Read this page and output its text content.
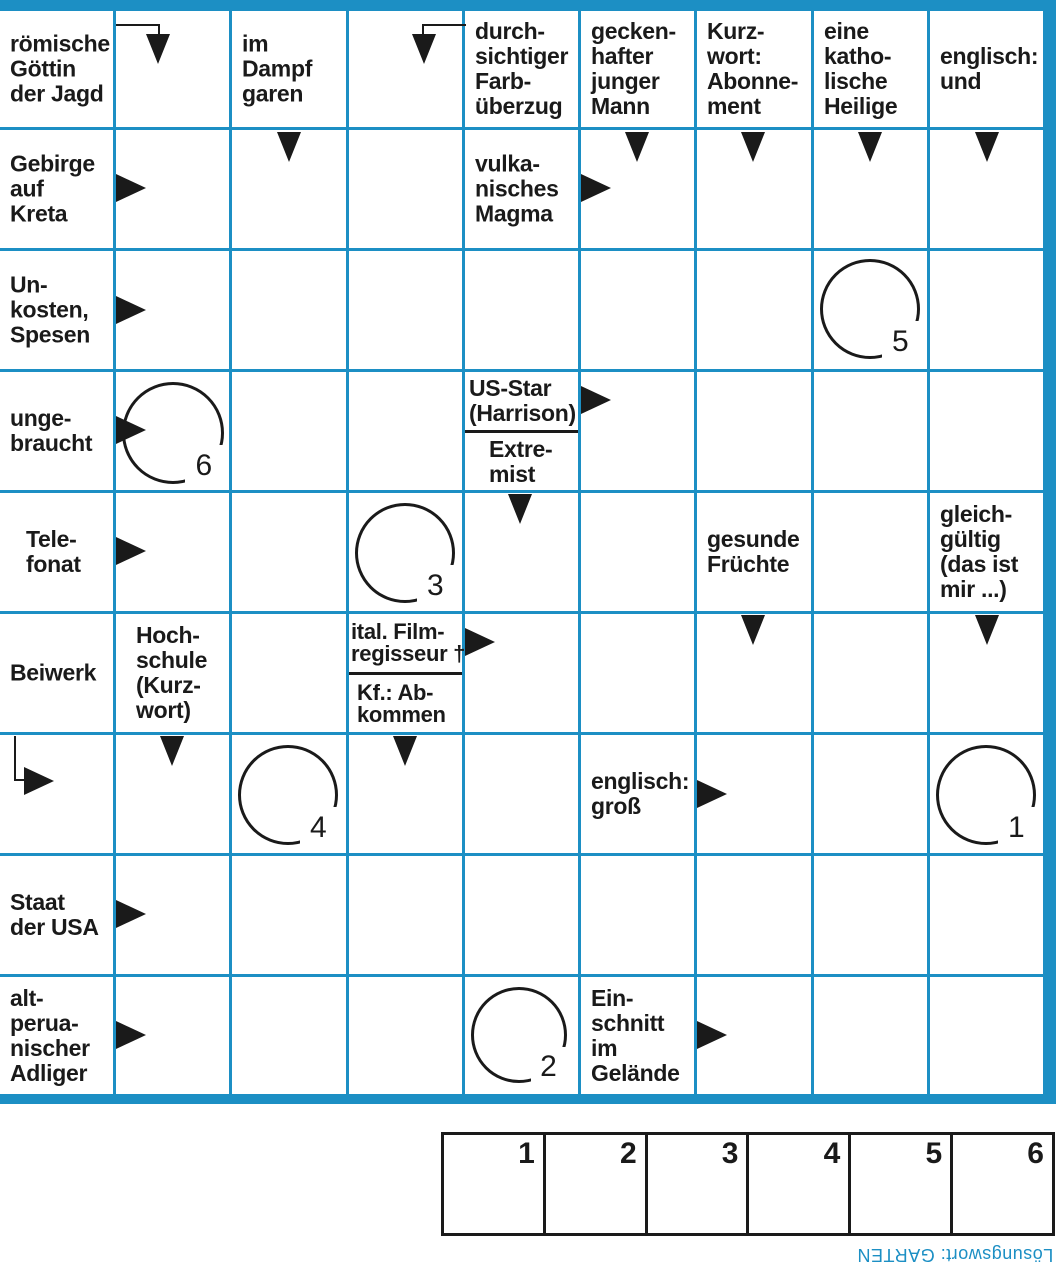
römische
Göttin
der Jagd
im
Dampf
garen
durch-
sichtiger
Farb-
überzug
gecken-
hafter
junger
Mann
Kurz-
wort:
Abonne-
ment
eine
katho-
lische
Heilige
englisch:
und
Gebirge
auf
Kreta
vulka-
nisches
Magma
Un-
kosten,
Spesen
unge-
braucht
US-Star
(Harrison)
Extre-
mist
Tele-
fonat
gesunde
Früchte
gleich-
gültig
(das ist
mir ...)
Beiwerk
Hoch-
schule
(Kurz-
wort)
ital. Film-
regisseur †
Kf.: Ab-
kommen
englisch:
groß
Staat
der USA
alt-
perua-
nischer
Adliger
Ein-
schnitt
im
Gelände
5
6
3
4	1
2
1	2	3	4	5	6
Lösungswort: GARTEN
